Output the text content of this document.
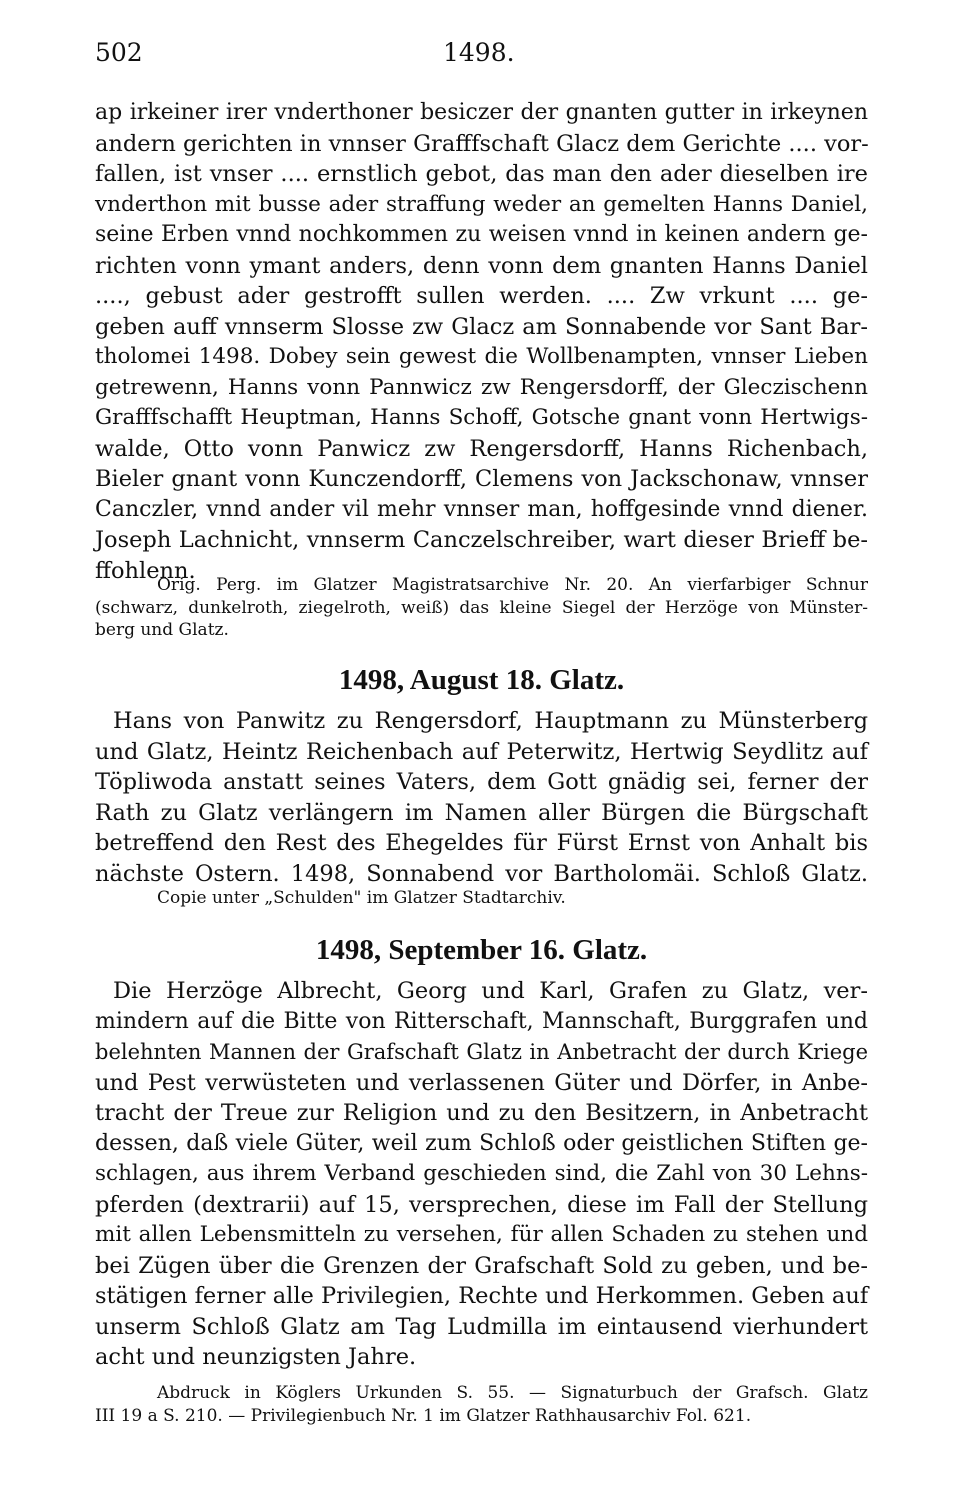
502	1498.
ap irkeiner irer vnderthoner besiczer der gnanten gutter in irkeynen
andern gerichten in vnnser Grafffschaft Glacz dem Gerichte .... vor-
fallen, ist vnser .... ernstlich gebot, das man den ader dieselben ire
vnderthon mit busse ader straffung weder an gemelten Hanns Daniel,
seine Erben vnnd nochkommen zu weisen vnnd in keinen andern ge-
richten vonn ymant anders, denn vonn dem gnanten Hanns Daniel
...., gebust ader gestrofft sullen werden. .... Zw vrkunt .... ge-
geben auff vnnserm Slosse zw Glacz am Sonnabende vor Sant Bar-
tholomei 1498. Dobey sein gewest die Wollbenampten, vnnser Lieben
getrewenn, Hanns vonn Pannwicz zw Rengersdorff, der Gleczischenn
Grafffschafft Heuptman, Hanns Schoff, Gotsche gnant vonn Hertwigs-
walde, Otto vonn Panwicz zw Rengersdorff, Hanns Richenbach,
Bieler gnant vonn Kunczendorff, Clemens von Jackschonaw, vnnser
Canczler, vnnd ander vil mehr vnnser man, hoffgesinde vnnd diener.
Joseph Lachnicht, vnnserm Canczelschreiber, wart dieser Brieff be-
ffohlenn.
Orig. Perg. im Glatzer Magistratsarchive Nr. 20. An vierfarbiger Schnur
(schwarz, dunkelroth, ziegelroth, weiß) das kleine Siegel der Herzöge von Münster-
berg und Glatz.
1498, August 18. Glatz.
Hans von Panwitz zu Rengersdorf, Hauptmann zu Münsterberg
und Glatz, Heintz Reichenbach auf Peterwitz, Hertwig Seydlitz auf
Töpliwoda anstatt seines Vaters, dem Gott gnädig sei, ferner der
Rath zu Glatz verlängern im Namen aller Bürgen die Bürgschaft
betreffend den Rest des Ehegeldes für Fürst Ernst von Anhalt bis
nächste Ostern. 1498, Sonnabend vor Bartholomäi. Schloß Glatz.
Copie unter „Schulden" im Glatzer Stadtarchiv.
1498, September 16. Glatz.
Die Herzöge Albrecht, Georg und Karl, Grafen zu Glatz, ver-
mindern auf die Bitte von Ritterschaft, Mannschaft, Burggrafen und
belehnten Mannen der Grafschaft Glatz in Anbetracht der durch Kriege
und Pest verwüsteten und verlassenen Güter und Dörfer, in Anbe-
tracht der Treue zur Religion und zu den Besitzern, in Anbetracht
dessen, daß viele Güter, weil zum Schloß oder geistlichen Stiften ge-
schlagen, aus ihrem Verband geschieden sind, die Zahl von 30 Lehns-
pferden (dextrarii) auf 15, versprechen, diese im Fall der Stellung
mit allen Lebensmitteln zu versehen, für allen Schaden zu stehen und
bei Zügen über die Grenzen der Grafschaft Sold zu geben, und be-
stätigen ferner alle Privilegien, Rechte und Herkommen. Geben auf
unserm Schloß Glatz am Tag Ludmilla im eintausend vierhundert
acht und neunzigsten Jahre.
Abdruck in Köglers Urkunden S. 55. — Signaturbuch der Grafsch. Glatz
III 19 a S. 210. — Privilegienbuch Nr. 1 im Glatzer Rathhausarchiv Fol. 621.
